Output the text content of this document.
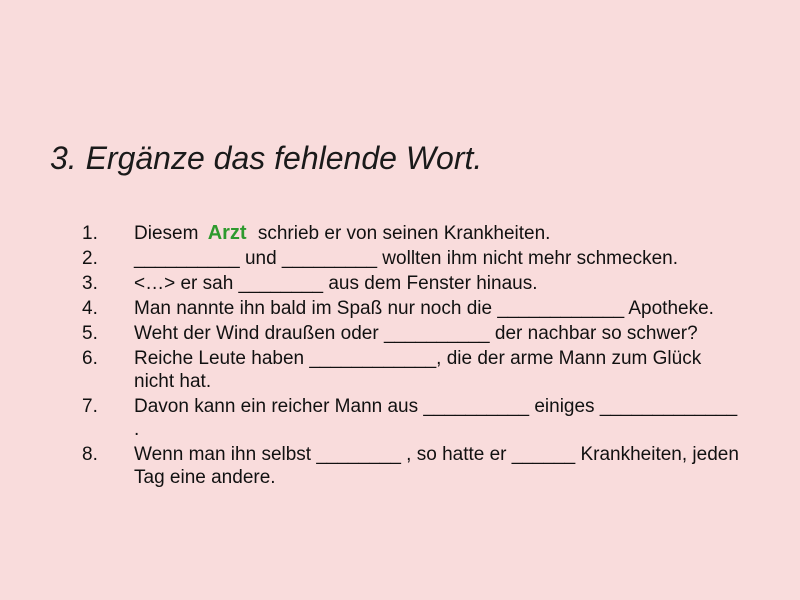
3. Ergänze das fehlende Wort.
1. Diesem Arzt schrieb er von seinen Krankheiten.
2. __________ und _________ wollten ihm nicht mehr schmecken.
3. <…> er sah ________ aus dem Fenster hinaus.
4. Man nannte ihn bald im Spaß nur noch die ____________ Apotheke.
5. Weht der Wind draußen oder __________ der nachbar so schwer?
6. Reiche Leute haben ____________, die der arme Mann zum Glück nicht hat.
7. Davon kann ein reicher Mann aus __________ einiges _____________ .
8. Wenn man ihn selbst ________ , so hatte er ______ Krankheiten, jeden Tag eine andere.
